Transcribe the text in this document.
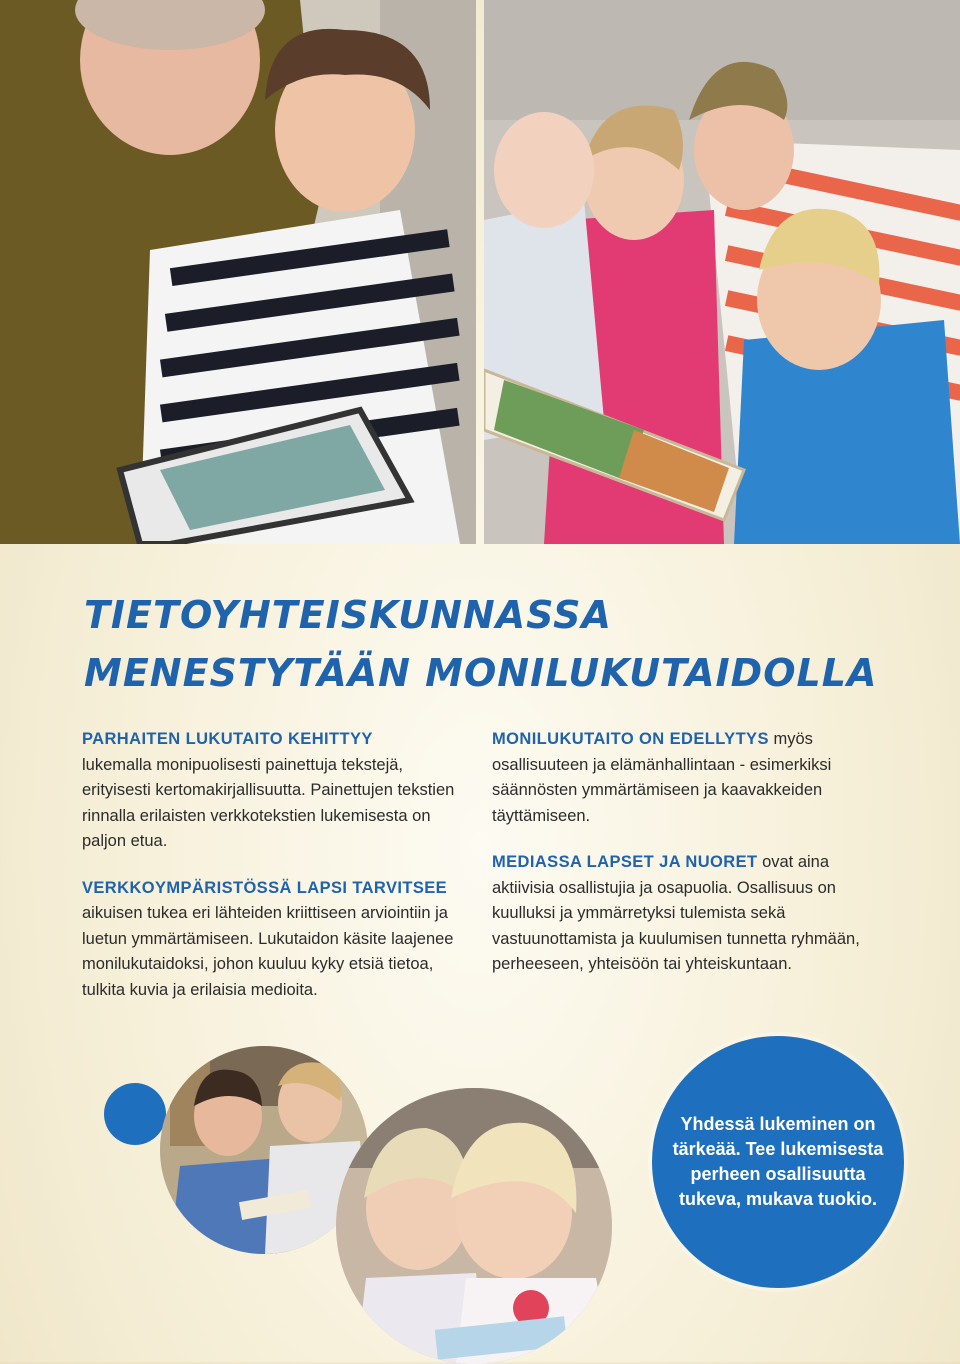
TIETOYHTEISKUNNASSA
MENESTYTÄÄN MONILUKUTAIDOLLA

PARHAITEN LUKUTAITO KEHITTYY
lukemalla monipuolisesti painettuja tekstejä, erityisesti kertomakirjallisuutta. Painettujen tekstien rinnalla erilaisten verkkotekstien lukemisesta on paljon etua.

VERKKOYMPÄRISTÖSSÄ LAPSI TARVITSEE
aikuisen tukea eri lähteiden kriittiseen arviointiin ja luetun ymmärtämiseen. Lukutaidon käsite laajenee monilukutaidoksi, johon kuuluu kyky etsiä tietoa, tulkita kuvia ja erilaisia medioita.

MONILUKUTAITO ON EDELLYTYS myös osallisuuteen ja elämänhallintaan - esimerkiksi säännösten ymmärtämiseen ja kaavakkeiden täyttämiseen.

MEDIASSA LAPSET JA NUORET ovat aina aktiivisia osallistujia ja osapuolia. Osallisuus on kuulluksi ja ymmärretyksi tulemista sekä vastuunottamista ja kuulumisen tunnetta ryhmään, perheeseen, yhteisöön tai yhteiskuntaan.

Yhdessä lukeminen on tärkeää. Tee lukemisesta perheen osallisuutta tukeva, mukava tuokio.
